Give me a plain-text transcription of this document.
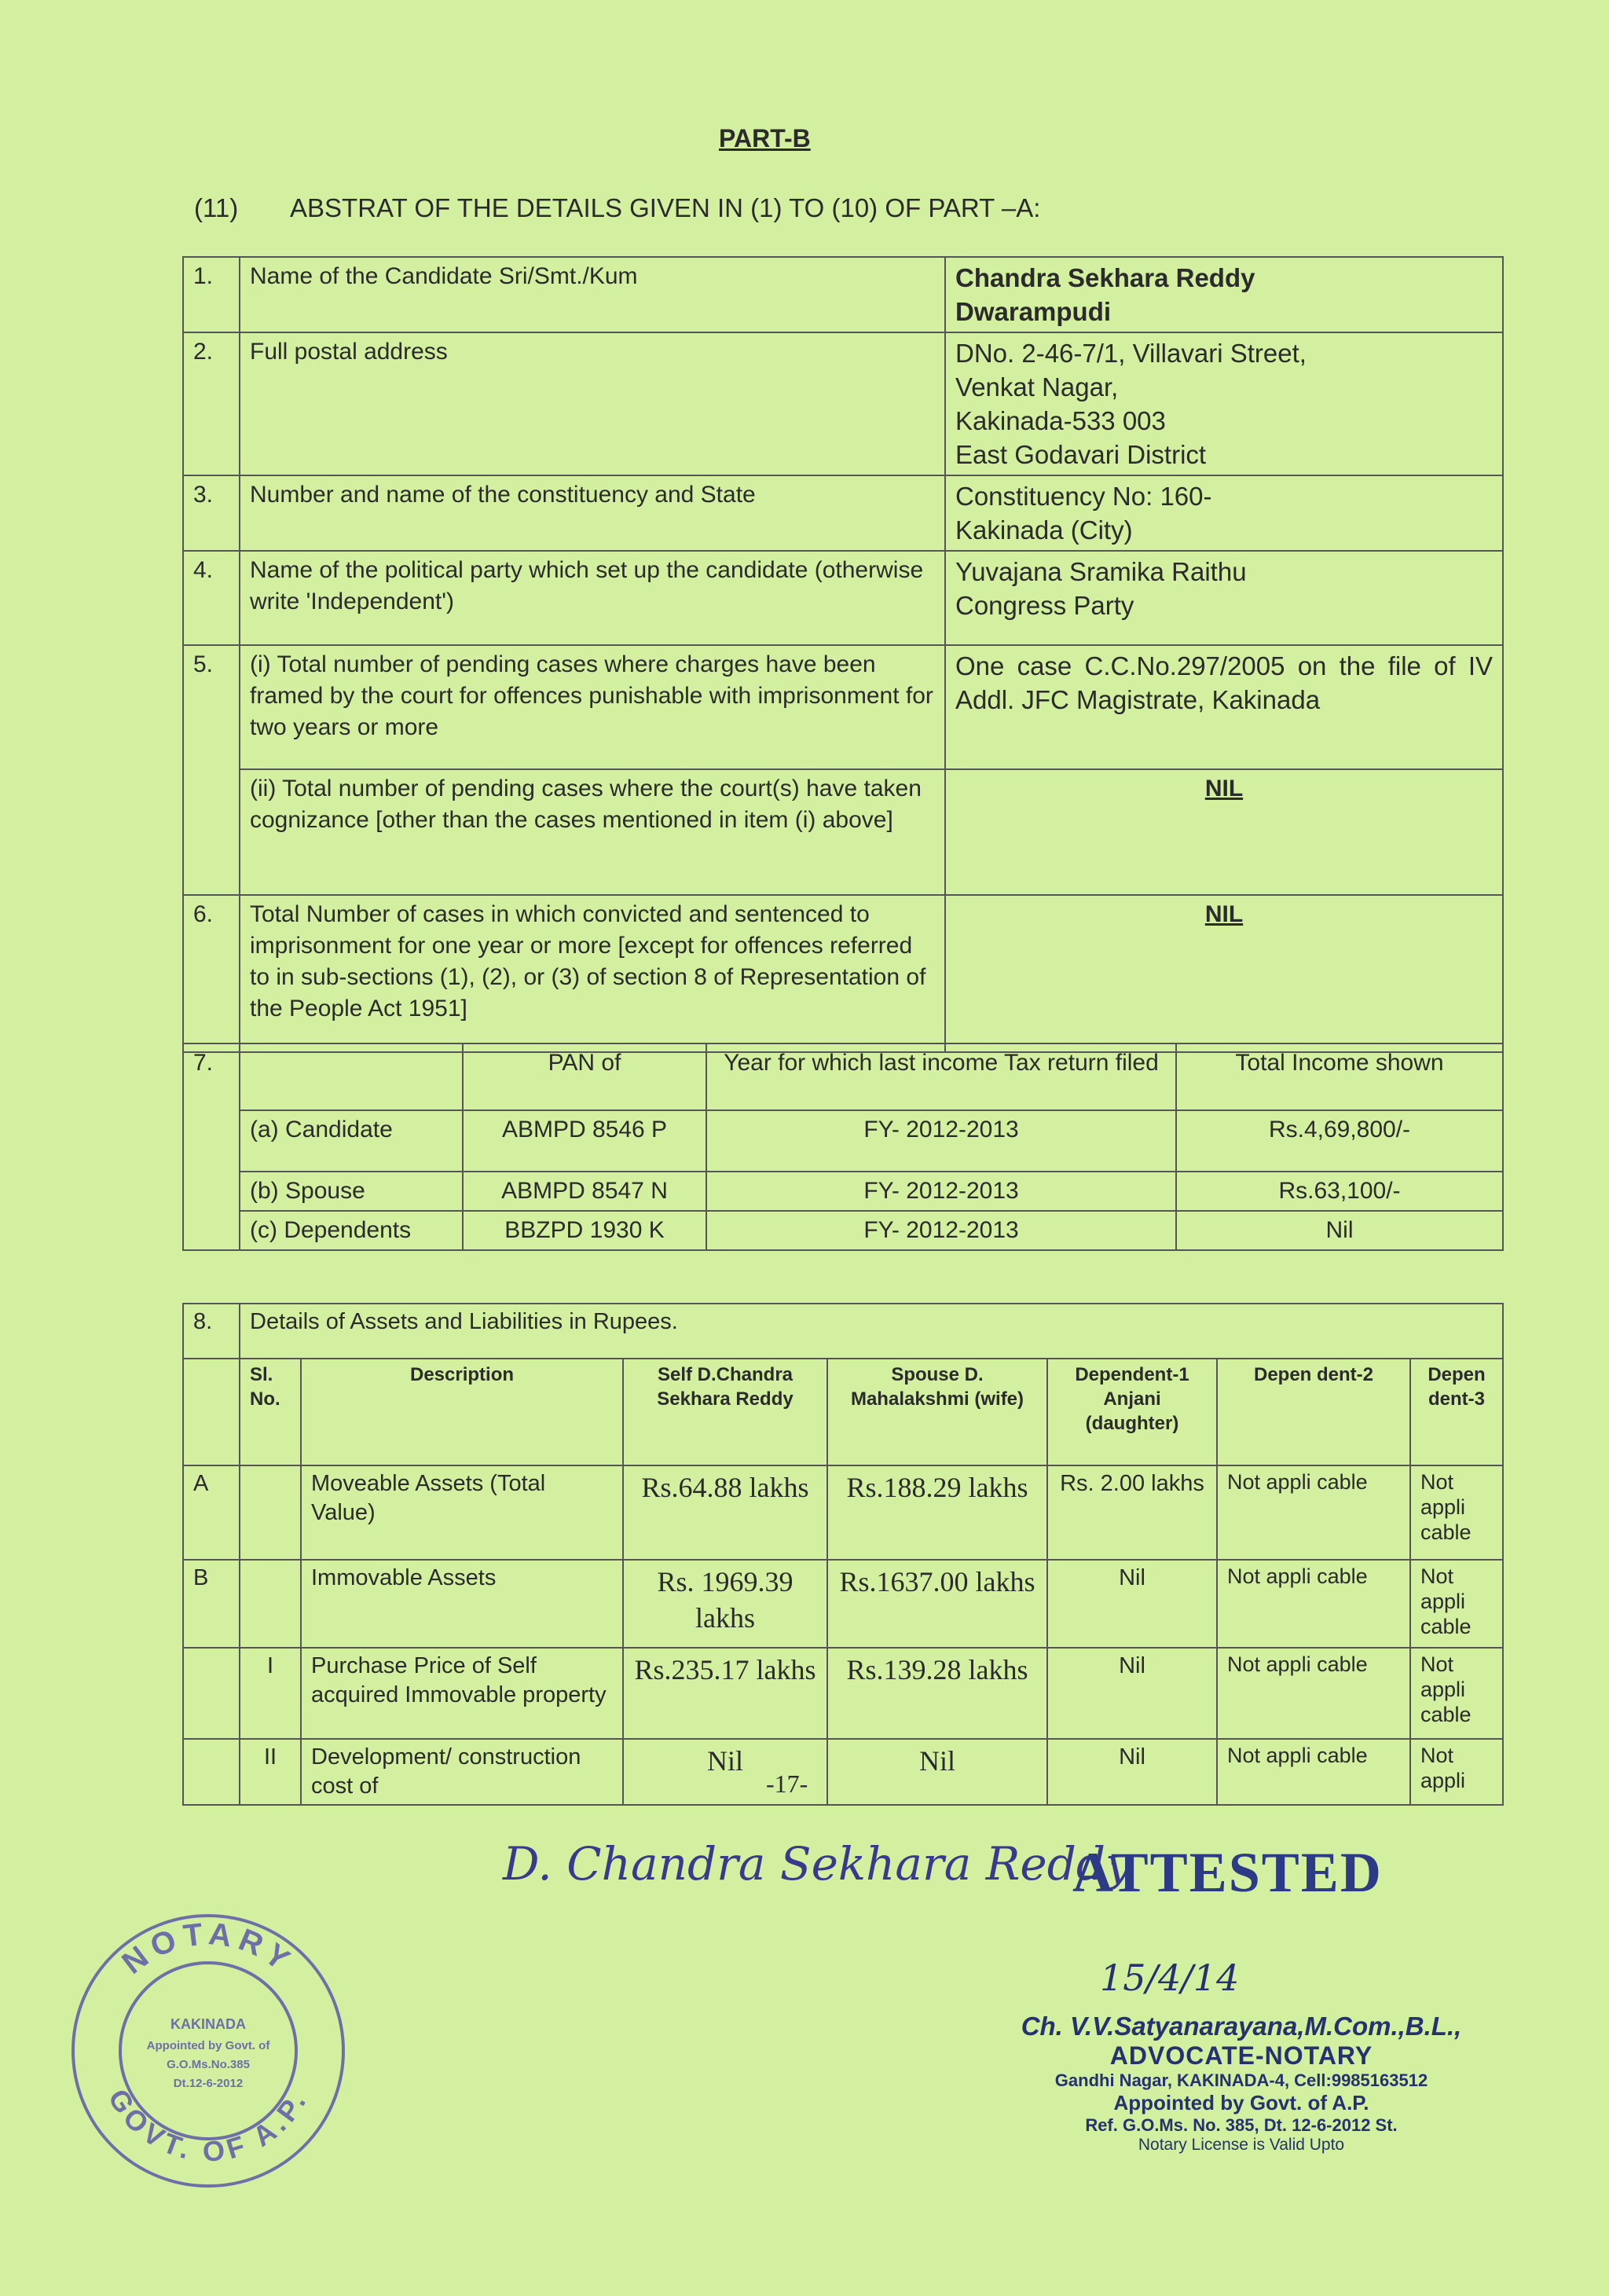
PART-B
(11) ABSTRAT OF THE DETAILS GIVEN IN (1) TO (10) OF PART –A:
1.	Name of the Candidate Sri/Smt./Kum	Chandra Sekhara Reddy
Dwarampudi

2.	Full postal address	DNo. 2-46-7/1, Villavari Street,
Venkat Nagar,
Kakinada-533 003
East Godavari District

3.	Number and name of the constituency and State	Constituency No: 160-
Kakinada (City)

4.	Name of the political party which set up the candidate (otherwise write 'Independent')	Yuvajana Sramika Raithu
Congress Party

5.	(i) Total number of pending cases where charges have been framed by the court for offences punishable with imprisonment for two years or more	One case C.C.No.297/2005 on the file of IV Addl. JFC Magistrate, Kakinada
	(ii) Total number of pending cases where the court(s) have taken cognizance [other than the cases mentioned in item (i) above]	NIL
6.	Total Number of cases in which convicted and sentenced to imprisonment for one year or more [except for offences referred to in sub-sections (1), (2), or (3) of section 8 of Representation of the People Act 1951]	NIL
7.		PAN of	Year for which last income Tax return filed	Total Income shown
	(a) Candidate	ABMPD 8546 P	FY- 2012-2013	Rs.4,69,800/-
	(b) Spouse	ABMPD 8547 N	FY- 2012-2013	Rs.63,100/-
	(c) Dependents	BBZPD 1930 K	FY- 2012-2013	Nil
8.	Details of Assets and Liabilities in Rupees.						
	Sl. No.	Description	Self D.Chandra Sekhara Reddy	Spouse D. Mahalakshmi (wife)	Dependent-1 Anjani (daughter)	Depen dent-2	Depen dent-3
A		Moveable Assets (Total Value)	Rs.64.88 lakhs	Rs.188.29 lakhs	Rs. 2.00 lakhs	Not appli cable	Not appli cable
B		Immovable Assets	Rs. 1969.39 lakhs	Rs.1637.00 lakhs	Nil	Not appli cable	Not appli cable
	I	Purchase Price of Self acquired Immovable property	Rs.235.17 lakhs	Rs.139.28 lakhs	Nil	Not appli cable	Not appli cable
	II	Development/ construction cost of	Nil	Nil	Nil	Not appli cable	Not appli
-17-
D. Chandra Sekhara Reddy
ATTESTED
NOTARY
GOVT. OF A.P.
KAKINADA
Appointed by Govt. of
G.O.Ms.No.385
Dt.12-6-2012
15/4/14
Ch. V.V.Satyanarayana,M.Com.,B.L.,
ADVOCATE-NOTARY
Gandhi Nagar, KAKINADA-4, Cell:9985163512
Appointed by Govt. of A.P.
Ref. G.O.Ms. No. 385, Dt. 12-6-2012 St.
Notary License is Valid Upto
